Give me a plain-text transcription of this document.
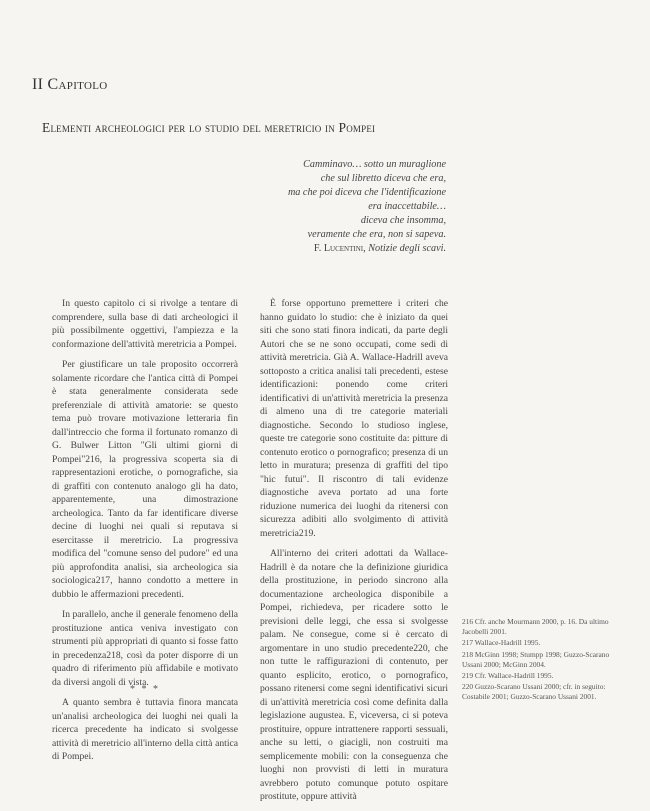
II Capitolo
Elementi archeologici per lo studio del meretricio in Pompei
Camminavo… sotto un muraglione
che sul libretto diceva che era,
ma che poi diceva che l'identificazione
era inaccettabile…
diceva che insomma,
veramente che era, non si sapeva.
F. Lucentini, Notizie degli scavi.

In questo capitolo ci si rivolge a tentare di comprendere, sulla base di dati archeologici il più possibilmente oggettivi, l'ampiezza e la conformazione dell'attività meretricia a Pompei.

Per giustificare un tale proposito occorrerà solamente ricordare che l'antica città di Pompei è stata generalmente considerata sede preferenziale di attività amatorie: se questo tema può trovare motivazione letteraria fin dall'intreccio che forma il fortunato romanzo di G. Bulwer Litton "Gli ultimi giorni di Pompei"216, la progressiva scoperta sia di rappresentazioni erotiche, o pornografiche, sia di graffiti con contenuto analogo gli ha dato, apparentemente, una dimostrazione archeologica. Tanto da far identificare diverse decine di luoghi nei quali si reputava si esercitasse il meretricio. La progressiva modifica del "comune senso del pudore" ed una più approfondita analisi, sia archeologica sia sociologica217, hanno condotto a mettere in dubbio le affermazioni precedenti.

In parallelo, anche il generale fenomeno della prostituzione antica veniva investigato con strumenti più appropriati di quanto si fosse fatto in precedenza218, così da poter disporre di un quadro di riferimento più affidabile e motivato da diversi angoli di vista.

A quanto sembra è tuttavia finora mancata un'analisi archeologica dei luoghi nei quali la ricerca precedente ha indicato si svolgesse attività di meretricio all'interno della città antica di Pompei.

* * *

È forse opportuno premettere i criteri che hanno guidato lo studio: che è iniziato da quei siti che sono stati finora indicati, da parte degli Autori che se ne sono occupati, come sedi di attività meretricia. Già A. Wallace-Hadrill aveva sottoposto a critica analisi tali precedenti, estese identificazioni: ponendo come criteri identificativi di un'attività meretricia la presenza di almeno una di tre categorie materiali diagnostiche. Secondo lo studioso inglese, queste tre categorie sono costituite da: pitture di contenuto erotico o pornografico; presenza di un letto in muratura; presenza di graffiti del tipo "hic futui". Il riscontro di tali evidenze diagnostiche aveva portato ad una forte riduzione numerica dei luoghi da ritenersi con sicurezza adibiti allo svolgimento di attività meretricia219.

All'interno dei criteri adottati da Wallace-Hadrill è da notare che la definizione giuridica della prostituzione, in periodo sincrono alla documentazione archeologica disponibile a Pompei, richiedeva, per ricadere sotto le previsioni delle leggi, che essa si svolgesse palam. Ne consegue, come si è cercato di argomentare in uno studio precedente220, che non tutte le raffigurazioni di contenuto, per quanto esplicito, erotico, o pornografico, possano ritenersi come segni identificativi sicuri di un'attività meretricia così come definita dalla legislazione augustea. E, viceversa, ci si poteva prostituire, oppure intrattenere rapporti sessuali, anche su letti, o giacigli, non costruiti ma semplicemente mobili: con la conseguenza che luoghi non provvisti di letti in muratura avrebbero potuto comunque potuto ospitare prostitute, oppure attività

216 Cfr. anche Mourmann 2000, p. 16. Da ultimo Jacobelli 2001.
217 Wallace-Hadrill 1995.
218 McGinn 1998; Stumpp 1998; Guzzo-Scarano Ussani 2000; McGinn 2004.
219 Cfr. Wallace-Hadrill 1995.
220 Guzzo-Scarano Ussani 2000; cfr. in seguito: Costabile 2001; Guzzo-Scarano Ussani 2001.
